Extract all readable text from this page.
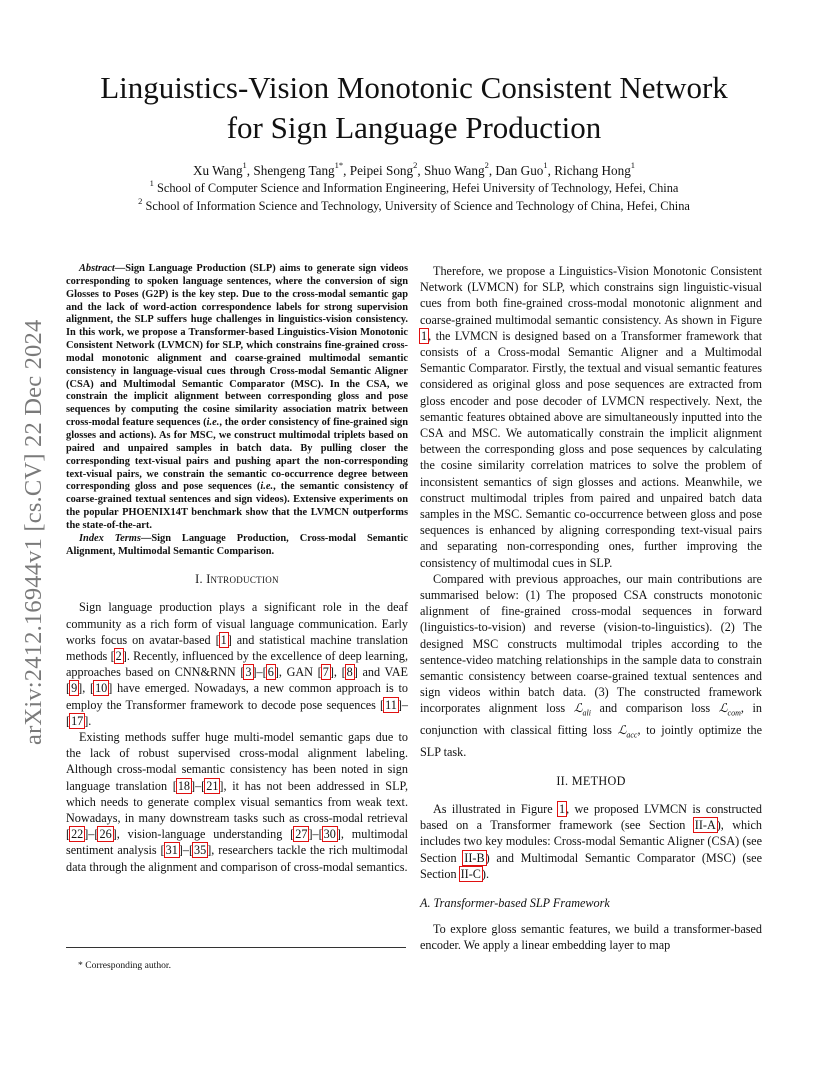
arXiv:2412.16944v1 [cs.CV] 22 Dec 2024
Linguistics-Vision Monotonic Consistent Network
for Sign Language Production
Xu Wang$^1$, Shengeng Tang$^{1*}$, Peipei Song$^2$, Shuo Wang$^2$, Dan Guo$^1$, Richang Hong$^1$
$^1$ School of Computer Science and Information Engineering, Hefei University of Technology, Hefei, China
$^2$ School of Information Science and Technology, University of Science and Technology of China, Hefei, China

Abstract—Sign Language Production (SLP) aims to generate sign videos corresponding to spoken language sentences, where the conversion of sign Glosses to Poses (G2P) is the key step. Due to the cross-modal semantic gap and the lack of word-action correspondence labels for strong supervision alignment, the SLP suffers huge challenges in linguistics-vision consistency. In this work, we propose a Transformer-based Linguistics-Vision Monotonic Consistent Network (LVMCN) for SLP, which constrains fine-grained cross-modal monotonic alignment and coarse-grained multimodal semantic consistency in language-visual cues through Cross-modal Semantic Aligner (CSA) and Multimodal Semantic Comparator (MSC). In the CSA, we constrain the implicit alignment between corresponding gloss and pose sequences by computing the cosine similarity association matrix between cross-modal feature sequences (i.e., the order consistency of fine-grained sign glosses and actions). As for MSC, we construct multimodal triplets based on paired and unpaired samples in batch data. By pulling closer the corresponding text-visual pairs and pushing apart the non-corresponding text-visual pairs, we constrain the semantic co-occurrence degree between corresponding gloss and pose sequences (i.e., the semantic consistency of coarse-grained textual sentences and sign videos). Extensive experiments on the popular PHOENIX14T benchmark show that the LVMCN outperforms the state-of-the-art.

Index Terms—Sign Language Production, Cross-modal Semantic Alignment, Multimodal Semantic Comparison.

I. Introduction

Sign language production plays a significant role in the deaf community as a rich form of visual language communication. Early works focus on avatar-based [1] and statistical machine translation methods [2]. Recently, influenced by the excellence of deep learning, approaches based on CNN&RNN [3]–[6], GAN [7], [8] and VAE [9], [10] have emerged. Nowadays, a new common approach is to employ the Transformer framework to decode pose sequences [11]–[17].

Existing methods suffer huge multi-model semantic gaps due to the lack of robust supervised cross-modal alignment labeling. Although cross-modal semantic consistency has been noted in sign language translation [18]–[21], it has not been addressed in SLP, which needs to generate complex visual semantics from weak text. Nowadays, in many downstream tasks such as cross-modal retrieval [22]–[26], vision-language understanding [27]–[30], multimodal sentiment analysis [31]–[35], researchers tackle the rich multimodal data through the alignment and comparison of cross-modal semantics.

* Corresponding author.

Therefore, we propose a Linguistics-Vision Monotonic Consistent Network (LVMCN) for SLP, which constrains sign linguistic-visual cues from both fine-grained cross-modal monotonic alignment and coarse-grained multimodal semantic consistency. As shown in Figure 1, the LVMCN is designed based on a Transformer framework that consists of a Cross-modal Semantic Aligner and a Multimodal Semantic Comparator. Firstly, the textual and visual semantic features considered as original gloss and pose sequences are extracted from gloss encoder and pose decoder of LVMCN respectively. Next, the semantic features obtained above are simultaneously inputted into the CSA and MSC. We automatically constrain the implicit alignment between the corresponding gloss and pose sequences by calculating the cosine similarity correlation matrices to solve the problem of inconsistent semantics of sign glosses and actions. Meanwhile, we construct multimodal triples from paired and unpaired batch data samples in the MSC. Semantic co-occurrence between gloss and pose sequences is enhanced by aligning corresponding text-visual pairs and separating non-corresponding ones, further improving the consistency of multimodal cues in SLP.

Compared with previous approaches, our main contributions are summarised below: (1) The proposed CSA constructs monotonic alignment of fine-grained cross-modal sequences in forward (linguistics-to-vision) and reverse (vision-to-linguistics). (2) The designed MSC constructs multimodal triples according to the sentence-video matching relationships in the sample data to constrain semantic consistency between coarse-grained textual sentences and sign videos within batch data. (3) The constructed framework incorporates alignment loss ℒ$_{ali}$ and comparison loss ℒ$_{com}$, in conjunction with classical fitting loss ℒ$_{acc}$, to jointly optimize the SLP task.

II. METHOD

As illustrated in Figure 1, we proposed LVMCN is constructed based on a Transformer framework (see Section II-A), which includes two key modules: Cross-modal Semantic Aligner (CSA) (see Section II-B) and Multimodal Semantic Comparator (MSC) (see Section II-C).

A. Transformer-based SLP Framework

To explore gloss semantic features, we build a transformer-based encoder. We apply a linear embedding layer to map
